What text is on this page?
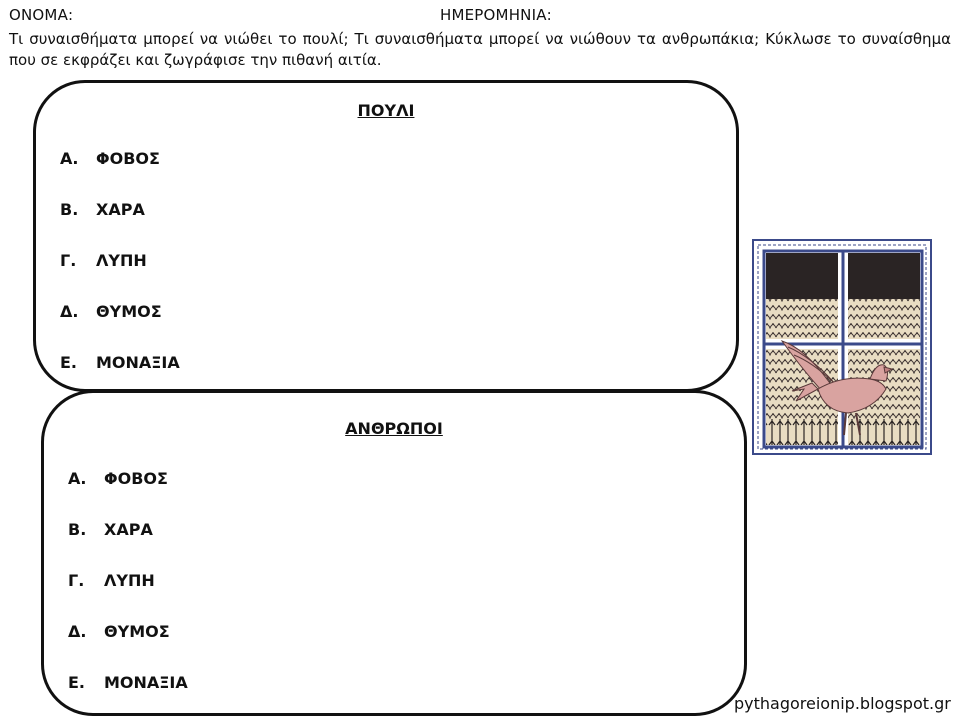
ΟΝΟΜΑ:	ΗΜΕΡΟΜΗΝΙΑ:
Τι συναισθήματα μπορεί να νιώθει το πουλί; Τι συναισθήματα μπορεί να νιώθουν τα ανθρωπάκια; Κύκλωσε το συναίσθημα που σε εκφράζει και ζωγράφισε την πιθανή αιτία.
ΠΟΥΛΙ
Α.	ΦΟΒΟΣ
Β.	ΧΑΡΑ
Γ.	ΛΥΠΗ
Δ.	ΘΥΜΟΣ
Ε.	ΜΟΝΑΞΙΑ
ΑΝΘΡΩΠΟΙ
Α.	ΦΟΒΟΣ
Β.	ΧΑΡΑ
Γ.	ΛΥΠΗ
Δ.	ΘΥΜΟΣ
Ε.	ΜΟΝΑΞΙΑ
pythagoreionip.blogspot.gr
